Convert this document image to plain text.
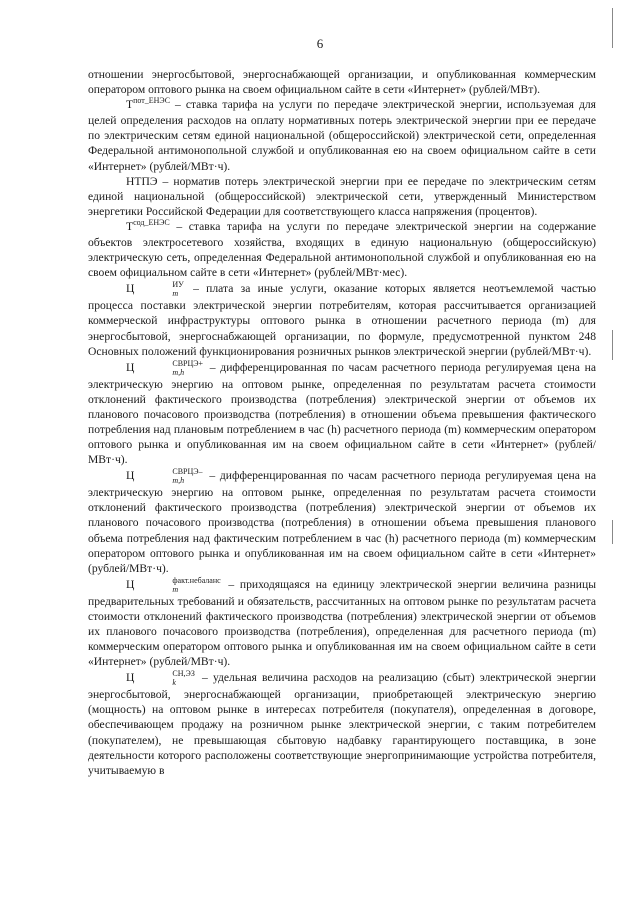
6

отношении энергосбытовой, энергоснабжающей организации, и опубликованная коммерческим оператором оптового рынка на своем официальном сайте в сети «Интернет» (рублей/МВт).

$T^{пот\_ЕНЭС}$ – ставка тарифа на услуги по передаче электрической энергии, используемая для целей определения расходов на оплату нормативных потерь электрической энергии при ее передаче по электрическим сетям единой национальной (общероссийской) электрической сети, определенная Федеральной антимонопольной службой и опубликованная ею на своем официальном сайте в сети «Интернет» (рублей/МВт·ч).

НТПЭ – норматив потерь электрической энергии при ее передаче по электрическим сетям единой национальной (общероссийской) электрической сети, утвержденный Министерством энергетики Российской Федерации для соответствующего класса напряжения (процентов).

$T^{сод\_ЕНЭС}$ – ставка тарифа на услуги по передаче электрической энергии на содержание объектов электросетевого хозяйства, входящих в единую национальную (общероссийскую) электрическую сеть, определенная Федеральной антимонопольной службой и опубликованная ею на своем официальном сайте в сети «Интернет» (рублей/МВт·мес).

Ц	ИУ
m – плата за иные услуги, оказание которых является неотъемлемой частью процесса поставки электрической энергии потребителям, которая рассчитывается организацией коммерческой инфраструктуры оптового рынка в отношении расчетного периода (m) для энергосбытовой, энергоснабжающей организации, по формуле, предусмотренной пунктом 248 Основных положений функционирования розничных рынков электрической энергии (рублей/МВт·ч).

Ц	СВРЦЭ+
m,h	– дифференцированная по часам расчетного периода регулируемая цена на электрическую энергию на оптовом рынке, определенная по результатам расчета стоимости отклонений фактического производства (потребления) электрической энергии от объемов их планового почасового производства (потребления) в отношении объема превышения фактического потребления над плановым потреблением в час (h) расчетного периода (m) коммерческим оператором оптового рынка и опубликованная им на своем официальном сайте в сети «Интернет» (рублей/МВт·ч).

Ц	СВРЦЭ–
m,h	– дифференцированная по часам расчетного периода регулируемая цена на электрическую энергию на оптовом рынке, определенная по результатам расчета стоимости отклонений фактического производства (потребления) электрической энергии от объемов их планового почасового производства (потребления) в отношении объема превышения планового объема потребления над фактическим потреблением в час (h) расчетного периода (m) коммерческим оператором оптового рынка и опубликованная им на своем официальном сайте в сети «Интернет» (рублей/МВт·ч).

Ц	факт.небаланс
m	– приходящаяся на единицу электрической энергии величина разницы предварительных требований и обязательств, рассчитанных на оптовом рынке по результатам расчета стоимости отклонений фактического производства (потребления) электрической энергии от объемов их планового почасового производства (потребления), определенная для расчетного периода (m) коммерческим оператором оптового рынка и опубликованная им на своем официальном сайте в сети «Интернет» (рублей/МВт·ч).

Ц	СН,ЭЗ
k	– удельная величина расходов на реализацию (сбыт) электрической энергии энергосбытовой, энергоснабжающей организации, приобретающей электрическую энергию (мощность) на оптовом рынке в интересах потребителя (покупателя), определенная в договоре, обеспечивающем продажу на розничном рынке электрической энергии, с таким потребителем (покупателем), не превышающая сбытовую надбавку гарантирующего поставщика, в зоне деятельности которого расположены соответствующие энергопринимающие устройства потребителя, учитываемую в
